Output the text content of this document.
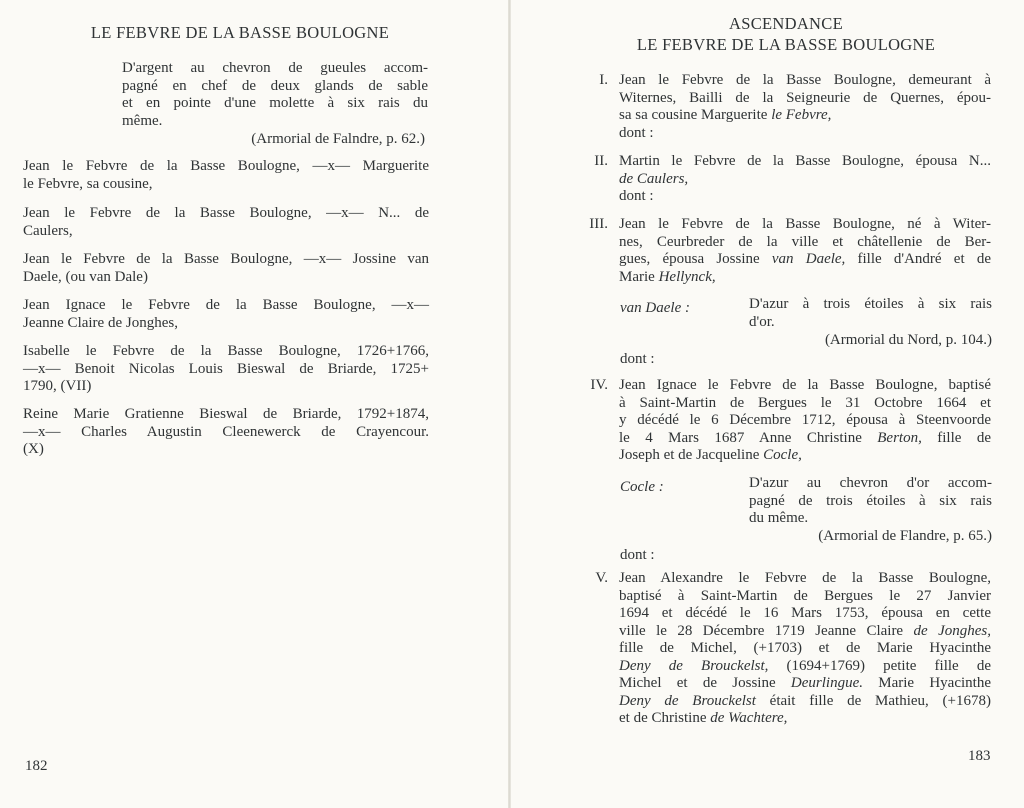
LE FEBVRE DE LA BASSE BOULOGNE
D'argent au chevron de gueules accom-
pagné en chef de deux glands de sable
et en pointe d'une molette à six rais du
même.
(Armorial de Falndre, p. 62.)
Jean le Febvre de la Basse Boulogne, —x— Marguerite
le Febvre, sa cousine,
Jean le Febvre de la Basse Boulogne, —x— N... de
Caulers,
Jean le Febvre de la Basse Boulogne, —x— Jossine van
Daele, (ou van Dale)
Jean Ignace le Febvre de la Basse Boulogne, —x—
Jeanne Claire de Jonghes,
Isabelle le Febvre de la Basse Boulogne, 1726+1766,
—x— Benoit Nicolas Louis Bieswal de Briarde, 1725+
1790, (VII)
Reine Marie Gratienne Bieswal de Briarde, 1792+1874,
—x— Charles Augustin Cleenewerck de Crayencour.
(X)
182
ASCENDANCE
LE FEBVRE DE LA BASSE BOULOGNE
I. Jean le Febvre de la Basse Boulogne, demeurant à
Witernes, Bailli de la Seigneurie de Quernes, épou-
sa sa cousine Marguerite le Febvre,
dont :
II. Martin le Febvre de la Basse Boulogne, épousa N...
de Caulers,
dont :
III. Jean le Febvre de la Basse Boulogne, né à Witer-
nes, Ceurbreder de la ville et châtellenie de Ber-
gues, épousa Jossine van Daele, fille d'André et de
Marie Hellynck,
van Daele :	D'azur à trois étoiles à six rais
d'or.
(Armorial du Nord, p. 104.)
dont :
IV. Jean Ignace le Febvre de la Basse Boulogne, baptisé
à Saint-Martin de Bergues le 31 Octobre 1664 et
y décédé le 6 Décembre 1712, épousa à Steenvoorde
le 4 Mars 1687 Anne Christine Berton, fille de
Joseph et de Jacqueline Cocle,
Cocle :	D'azur au chevron d'or accom-
pagné de trois étoiles à six rais
du même.
(Armorial de Flandre, p. 65.)
dont :
V. Jean Alexandre le Febvre de la Basse Boulogne,
baptisé à Saint-Martin de Bergues le 27 Janvier
1694 et décédé le 16 Mars 1753, épousa en cette
ville le 28 Décembre 1719 Jeanne Claire de Jonghes,
fille de Michel, (+1703) et de Marie Hyacinthe
Deny de Brouckelst, (1694+1769) petite fille de
Michel et de Jossine Deurlingue. Marie Hyacinthe
Deny de Brouckelst était fille de Mathieu, (+1678)
et de Christine de Wachtere,
183
